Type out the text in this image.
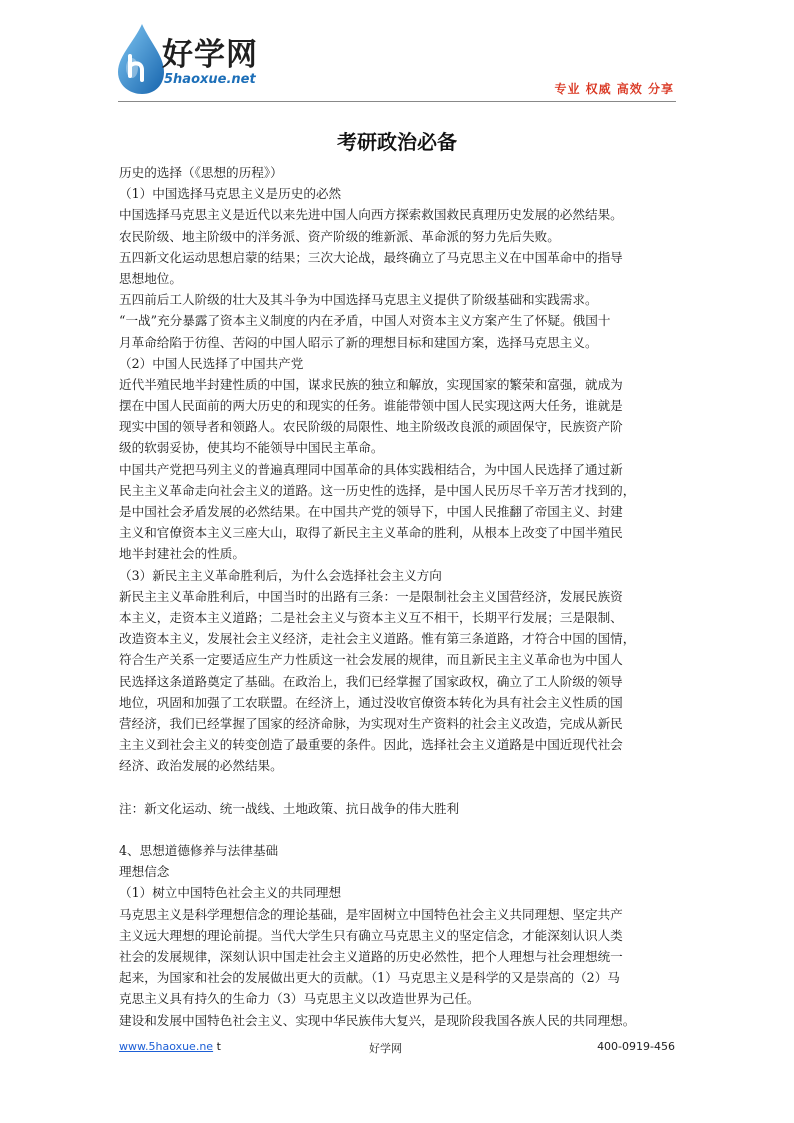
好学网
5haoxue.net
专业 权威 高效 分享
考研政治必备
历史的选择（《思想的历程》）
（1）中国选择马克思主义是历史的必然
中国选择马克思主义是近代以来先进中国人向西方探索救国救民真理历史发展的必然结果。
农民阶级、地主阶级中的洋务派、资产阶级的维新派、革命派的努力先后失败。
五四新文化运动思想启蒙的结果；三次大论战，最终确立了马克思主义在中国革命中的指导
思想地位。
五四前后工人阶级的壮大及其斗争为中国选择马克思主义提供了阶级基础和实践需求。
“一战”充分暴露了资本主义制度的内在矛盾，中国人对资本主义方案产生了怀疑。俄国十
月革命给陷于彷徨、苦闷的中国人昭示了新的理想目标和建国方案，选择马克思主义。
（2）中国人民选择了中国共产党
近代半殖民地半封建性质的中国，谋求民族的独立和解放，实现国家的繁荣和富强，就成为
摆在中国人民面前的两大历史的和现实的任务。谁能带领中国人民实现这两大任务，谁就是
现实中国的领导者和领路人。农民阶级的局限性、地主阶级改良派的顽固保守，民族资产阶
级的软弱妥协，使其均不能领导中国民主革命。
中国共产党把马列主义的普遍真理同中国革命的具体实践相结合，为中国人民选择了通过新
民主主义革命走向社会主义的道路。这一历史性的选择，是中国人民历尽千辛万苦才找到的，
是中国社会矛盾发展的必然结果。在中国共产党的领导下，中国人民推翻了帝国主义、封建
主义和官僚资本主义三座大山，取得了新民主主义革命的胜利，从根本上改变了中国半殖民
地半封建社会的性质。
（3）新民主主义革命胜利后，为什么会选择社会主义方向
新民主主义革命胜利后，中国当时的出路有三条：一是限制社会主义国营经济，发展民族资
本主义，走资本主义道路；二是社会主义与资本主义互不相干，长期平行发展；三是限制、
改造资本主义，发展社会主义经济，走社会主义道路。惟有第三条道路，才符合中国的国情，
符合生产关系一定要适应生产力性质这一社会发展的规律，而且新民主主义革命也为中国人
民选择这条道路奠定了基础。在政治上，我们已经掌握了国家政权，确立了工人阶级的领导
地位，巩固和加强了工农联盟。在经济上，通过没收官僚资本转化为具有社会主义性质的国
营经济，我们已经掌握了国家的经济命脉，为实现对生产资料的社会主义改造，完成从新民
主主义到社会主义的转变创造了最重要的条件。因此，选择社会主义道路是中国近现代社会
经济、政治发展的必然结果。
注：新文化运动、统一战线、土地政策、抗日战争的伟大胜利
4、思想道德修养与法律基础
理想信念
（1）树立中国特色社会主义的共同理想
马克思主义是科学理想信念的理论基础，是牢固树立中国特色社会主义共同理想、坚定共产
主义远大理想的理论前提。当代大学生只有确立马克思主义的坚定信念，才能深刻认识人类
社会的发展规律，深刻认识中国走社会主义道路的历史必然性，把个人理想与社会理想统一
起来，为国家和社会的发展做出更大的贡献。（1）马克思主义是科学的又是崇高的（2）马
克思主义具有持久的生命力（3）马克思主义以改造世界为己任。
建设和发展中国特色社会主义、实现中华民族伟大复兴，是现阶段我国各族人民的共同理想。
www.5haoxue.ne t	好学网	400-0919-456
